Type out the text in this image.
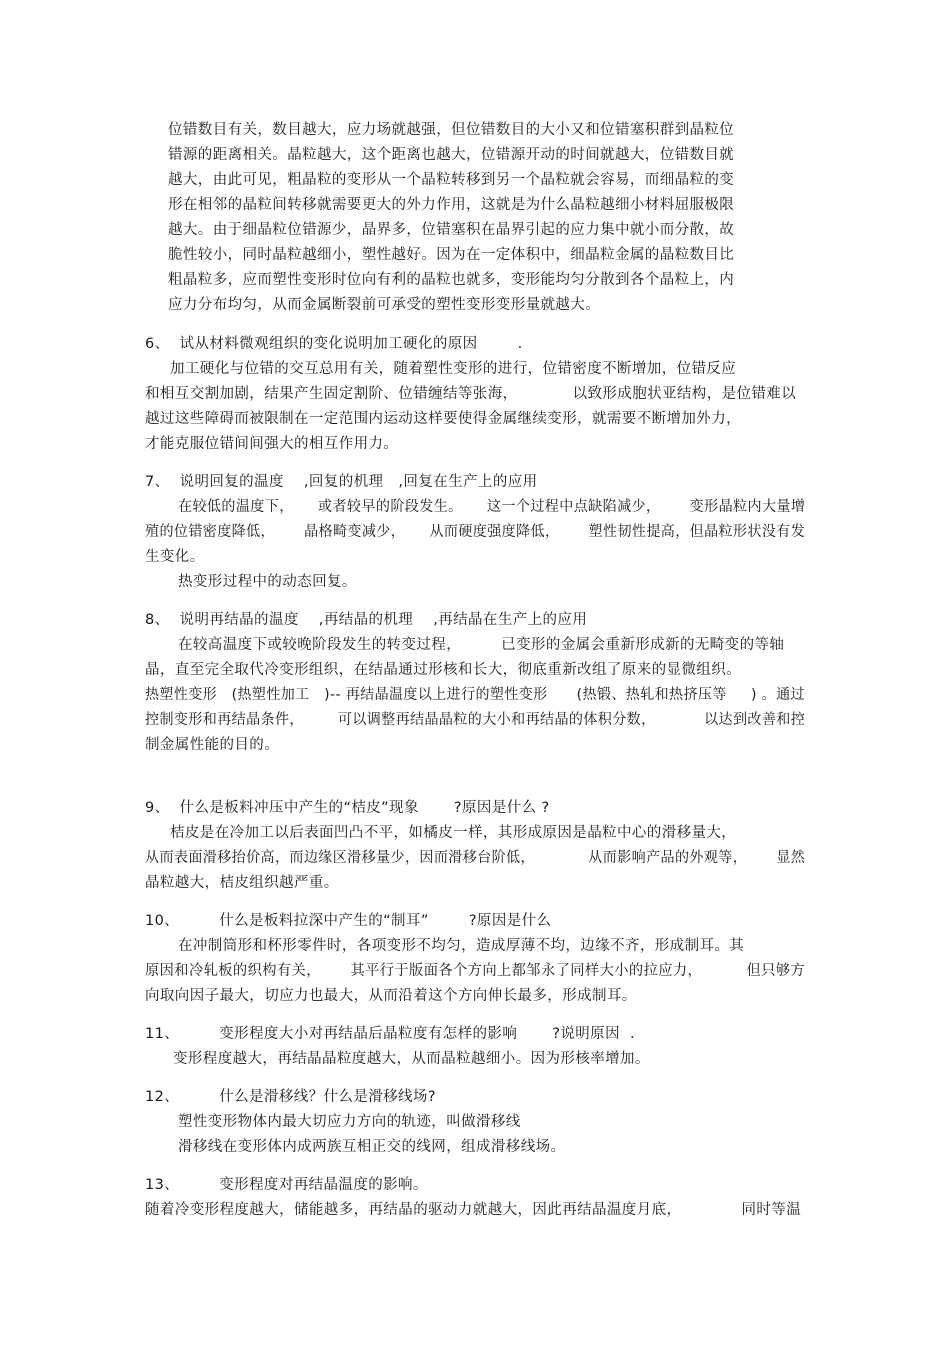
位错数目有关，数目越大，应力场就越强，但位错数目的大小又和位错塞积群到晶粒位
错源的距离相关。晶粒越大，这个距离也越大，位错源开动的时间就越大，位错数目就
越大，由此可见，粗晶粒的变形从一个晶粒转移到另一个晶粒就会容易，而细晶粒的变
形在相邻的晶粒间转移就需要更大的外力作用，这就是为什么晶粒越细小材料屈服极限
越大。由于细晶粒位错源少，晶界多，位错塞积在晶界引起的应力集中就小而分散，故
脆性较小，同时晶粒越细小，塑性越好。因为在一定体积中，细晶粒金属的晶粒数目比
粗晶粒多，应而塑性变形时位向有利的晶粒也就多，变形能均匀分散到各个晶粒上，内
应力分布均匀，从而金属断裂前可承受的塑性变形变形量就越大。
6、  试从材料微观组织的变化说明加工硬化的原因        .
加工硬化与位错的交互总用有关，随着塑性变形的进行，位错密度不断增加，位错反应
和相互交割加剧，结果产生固定割阶、位错缠结等张海，           以致形成胞状亚结构，是位错难以
越过这些障碍而被限制在一定范围内运动这样要使得金属继续变形，就需要不断增加外力，
才能克服位错间间强大的相互作用力。
7、  说明回复的温度    ,回复的机理   ,回复在生产上的应用
在较低的温度下，     或者较早的阶段发生。     这一个过程中点缺陷减少，      变形晶粒内大量增
殖的位错密度降低，      晶格畸变减少，     从而硬度强度降低，      塑性韧性提高，但晶粒形状没有发
生变化。
热变形过程中的动态回复。
8、  说明再结晶的温度    ,再结晶的机理    ,再结晶在生产上的应用
在较高温度下或较晚阶段发生的转变过程，        已变形的金属会重新形成新的无畸变的等轴
晶，直至完全取代冷变形组织，在结晶通过形核和长大，彻底重新改组了原来的显微组织。
热塑性变形   (热塑性加工   )-- 再结晶温度以上进行的塑性变形      (热锻、热轧和热挤压等     ) 。通过
控制变形和再结晶条件，       可以调整再结晶晶粒的大小和再结晶的体积分数，          以达到改善和控
制金属性能的目的。
9、  什么是板料冲压中产生的“桔皮”现象       ?原因是什么 ?
桔皮是在冷加工以后表面凹凸不平，如橘皮一样，其形成原因是晶粒中心的滑移量大，
从而表面滑移抬价高，而边缘区滑移量少，因而滑移台阶低，           从而影响产品的外观等，      显然
晶粒越大，桔皮组织越严重。
10、        什么是板料拉深中产生的“制耳”        ?原因是什么
在冲制筒形和杯形零件时，各项变形不均匀，造成厚薄不均，边缘不齐，形成制耳。其
原因和冷轧板的织构有关，      其平行于版面各个方向上都邹永了同样大小的拉应力，         但只够方
向取向因子最大，切应力也最大，从而沿着这个方向伸长最多，形成制耳。
11、        变形程度大小对再结晶后晶粒度有怎样的影响       ?说明原因  .
变形程度越大，再结晶晶粒度越大，从而晶粒越细小。因为形核率增加。
12、        什么是滑移线？什么是滑移线场?
塑性变形物体内最大切应力方向的轨迹，叫做滑移线
滑移线在变形体内成两族互相正交的线网，组成滑移线场。
13、        变形程度对再结晶温度的影响。
随着冷变形程度越大，储能越多，再结晶的驱动力就越大，因此再结晶温度月底，            同时等温
